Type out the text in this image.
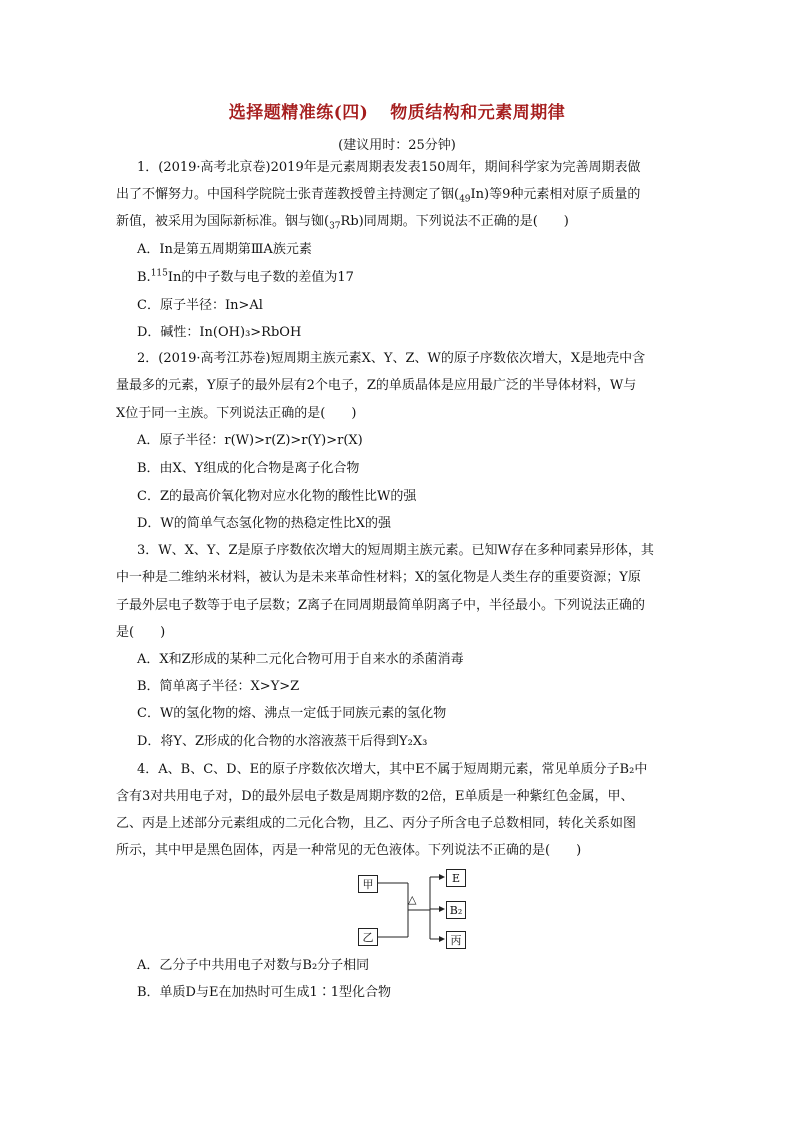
选择题精准练(四) 物质结构和元素周期律
(建议用时：25分钟)
1．(2019·高考北京卷)2019年是元素周期表发表150周年，期间科学家为完善周期表做
出了不懈努力。中国科学院院士张青莲教授曾主持测定了铟$(_{49}In)$等9种元素相对原子质量的
新值，被采用为国际新标准。铟与铷$(_{37}Rb)$同周期。下列说法不正确的是(　　)
A．In是第五周期第ⅢA族元素
B.$^{115}$In的中子数与电子数的差值为17
C．原子半径：In>Al
D．碱性：In(OH)₃>RbOH
2．(2019·高考江苏卷)短周期主族元素X、Y、Z、W的原子序数依次增大，X是地壳中含
量最多的元素，Y原子的最外层有2个电子，Z的单质晶体是应用最广泛的半导体材料，W与
X位于同一主族。下列说法正确的是(　　)
A．原子半径：r(W)>r(Z)>r(Y)>r(X)
B．由X、Y组成的化合物是离子化合物
C．Z的最高价氧化物对应水化物的酸性比W的强
D．W的简单气态氢化物的热稳定性比X的强
3．W、X、Y、Z是原子序数依次增大的短周期主族元素。已知W存在多种同素异形体，其
中一种是二维纳米材料，被认为是未来革命性材料；X的氢化物是人类生存的重要资源；Y原
子最外层电子数等于电子层数；Z离子在同周期最简单阴离子中，半径最小。下列说法正确的
是(　　)
A．X和Z形成的某种二元化合物可用于自来水的杀菌消毒
B．简单离子半径：X>Y>Z
C．W的氢化物的熔、沸点一定低于同族元素的氢化物
D．将Y、Z形成的化合物的水溶液蒸干后得到Y₂X₃
4．A、B、C、D、E的原子序数依次增大，其中E不属于短周期元素，常见单质分子B₂中
含有3对共用电子对，D的最外层电子数是周期序数的2倍，E单质是一种紫红色金属，甲、
乙、丙是上述部分元素组成的二元化合物，且乙、丙分子所含电子总数相同，转化关系如图
所示，其中甲是黑色固体，丙是一种常见的无色液体。下列说法不正确的是(　　)
甲
乙
△
E
B₂
丙
A．乙分子中共用电子对数与B₂分子相同
B．单质D与E在加热时可生成1∶1型化合物
